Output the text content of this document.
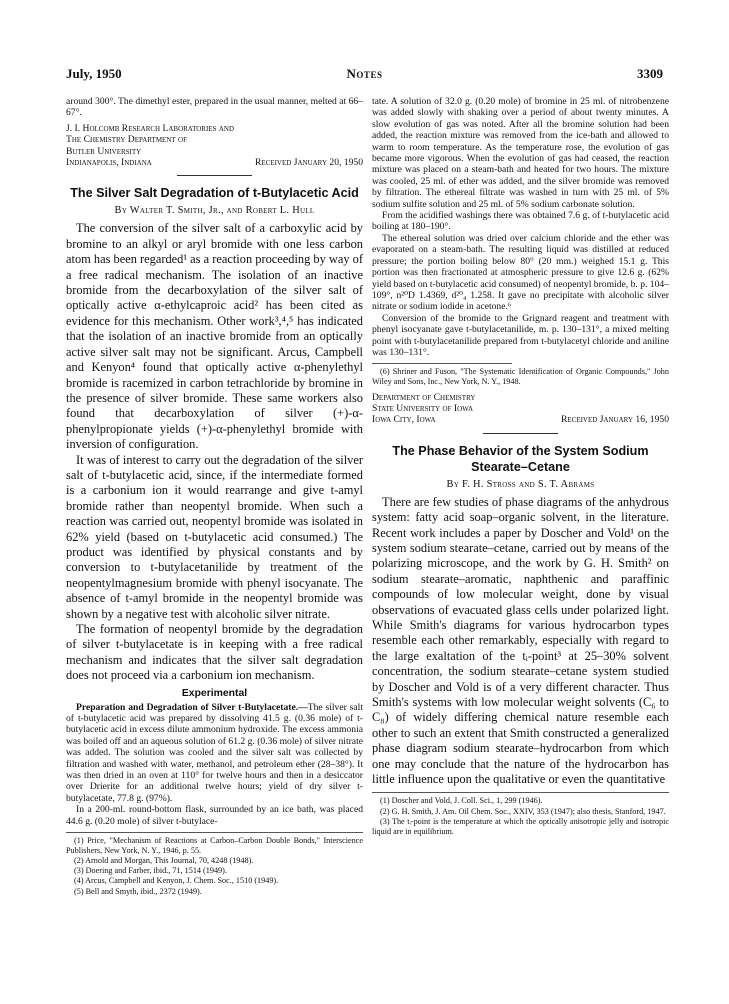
July, 1950	Notes	3309

around 300°. The dimethyl ester, prepared in the usual manner, melted at 66–67°.

J. I. Holcomb Research Laboratories and
The Chemistry Department of
Butler University
Indianapolis, Indiana	Received January 20, 1950
The Silver Salt Degradation of t-Butylacetic Acid
By Walter T. Smith, Jr., and Robert L. Hull

The conversion of the silver salt of a carboxylic acid by bromine to an alkyl or aryl bromide with one less carbon atom has been regarded¹ as a reaction proceeding by way of a free radical mechanism. The isolation of an inactive bromide from the decarboxylation of the silver salt of optically active α-ethylcaproic acid² has been cited as evidence for this mechanism. Other work³,⁴,⁵ has indicated that the isolation of an inactive bromide from an optically active silver salt may not be significant. Arcus, Campbell and Kenyon⁴ found that optically active α-phenylethyl bromide is racemized in carbon tetrachloride by bromine in the presence of silver bromide. These same workers also found that decarboxylation of silver (+)-α-phenylpropionate yields (+)-α-phenylethyl bromide with inversion of configuration.

It was of interest to carry out the degradation of the silver salt of t-butylacetic acid, since, if the intermediate formed is a carbonium ion it would rearrange and give t-amyl bromide rather than neopentyl bromide. When such a reaction was carried out, neopentyl bromide was isolated in 62% yield (based on t-butylacetic acid consumed.) The product was identified by physical constants and by conversion to t-butylacetanilide by treatment of the neopentylmagnesium bromide with phenyl isocyanate. The absence of t-amyl bromide in the neopentyl bromide was shown by a negative test with alcoholic silver nitrate.

The formation of neopentyl bromide by the degradation of silver t-butylacetate is in keeping with a free radical mechanism and indicates that the silver salt degradation does not proceed via a carbonium ion mechanism.

Experimental

Preparation and Degradation of Silver t-Butylacetate.—The silver salt of t-butylacetic acid was prepared by dissolving 41.5 g. (0.36 mole) of t-butylacetic acid in excess dilute ammonium hydroxide. The excess ammonia was boiled off and an aqueous solution of 61.2 g. (0.36 mole) of silver nitrate was added. The solution was cooled and the silver salt was collected by filtration and washed with water, methanol, and petroleum ether (28–38°). It was then dried in an oven at 110° for twelve hours and then in a desiccator over Drierite for an additional twelve hours; yield of dry silver t-butylacetate, 77.8 g. (97%).

In a 200-ml. round-bottom flask, surrounded by an ice bath, was placed 44.6 g. (0.20 mole) of silver t-butylace-

(1) Price, "Mechanism of Reactions at Carbon–Carbon Double Bonds," Interscience Publishers, New York, N. Y., 1946, p. 55.

(2) Arnold and Morgan, This Journal, 70, 4248 (1948).

(3) Doering and Farber, ibid., 71, 1514 (1949).

(4) Arcus, Campbell and Kenyon, J. Chem. Soc., 1510 (1949).

(5) Bell and Smyth, ibid., 2372 (1949).

tate. A solution of 32.0 g. (0.20 mole) of bromine in 25 ml. of nitrobenzene was added slowly with shaking over a period of about twenty minutes. A slow evolution of gas was noted. After all the bromine solution had been added, the reaction mixture was removed from the ice-bath and allowed to warm to room temperature. As the temperature rose, the evolution of gas became more vigorous. When the evolution of gas had ceased, the reaction mixture was placed on a steam-bath and heated for two hours. The mixture was cooled, 25 ml. of ether was added, and the silver bromide was removed by filtration. The ethereal filtrate was washed in turn with 25 ml. of 5% sodium sulfite solution and 25 ml. of 5% sodium carbonate solution.

From the acidified washings there was obtained 7.6 g. of t-butylacetic acid boiling at 180–190°.

The ethereal solution was dried over calcium chloride and the ether was evaporated on a steam-bath. The resulting liquid was distilled at reduced pressure; the portion boiling below 80° (20 mm.) weighed 15.1 g. This portion was then fractionated at atmospheric pressure to give 12.6 g. (62% yield based on t-butylacetic acid consumed) of neopentyl bromide, b. p. 104–109°, n²⁰D 1.4369, d²⁰₄ 1.258. It gave no precipitate with alcoholic silver nitrate or sodium iodide in acetone.⁶

Conversion of the bromide to the Grignard reagent and treatment with phenyl isocyanate gave t-butylacetanilide, m. p. 130–131°, a mixed melting point with t-butylacetanilide prepared from t-butylacetyl chloride and aniline was 130–131°.

(6) Shriner and Fuson, "The Systematic Identification of Organic Compounds," John Wiley and Sons, Inc., New York, N. Y., 1948.

Department of Chemistry
State University of Iowa
Iowa City, Iowa	Received January 16, 1950
The Phase Behavior of the System Sodium Stearate–Cetane
By F. H. Stross and S. T. Abrams

There are few studies of phase diagrams of the anhydrous system: fatty acid soap–organic solvent, in the literature. Recent work includes a paper by Doscher and Vold¹ on the system sodium stearate–cetane, carried out by means of the polarizing microscope, and the work by G. H. Smith² on sodium stearate–aromatic, naphthenic and paraffinic compounds of low molecular weight, done by visual observations of evacuated glass cells under polarized light. While Smith's diagrams for various hydrocarbon types resemble each other remarkably, especially with regard to the large exaltation of the tᵢ-point³ at 25–30% solvent concentration, the sodium stearate–cetane system studied by Doscher and Vold is of a very different character. Thus Smith's systems with low molecular weight solvents (C₆ to C₈) of widely differing chemical nature resemble each other to such an extent that Smith constructed a generalized phase diagram sodium stearate–hydrocarbon from which one may conclude that the nature of the hydrocarbon has little influence upon the qualitative or even the quantitative

(1) Doscher and Vold, J. Coll. Sci., 1, 299 (1946).

(2) G. H. Smith, J. Am. Oil Chem. Soc., XXIV, 353 (1947); also thesis, Stanford, 1947.

(3) The tᵢ-point is the temperature at which the optically anisotropic jelly and isotropic liquid are in equilibrium.
